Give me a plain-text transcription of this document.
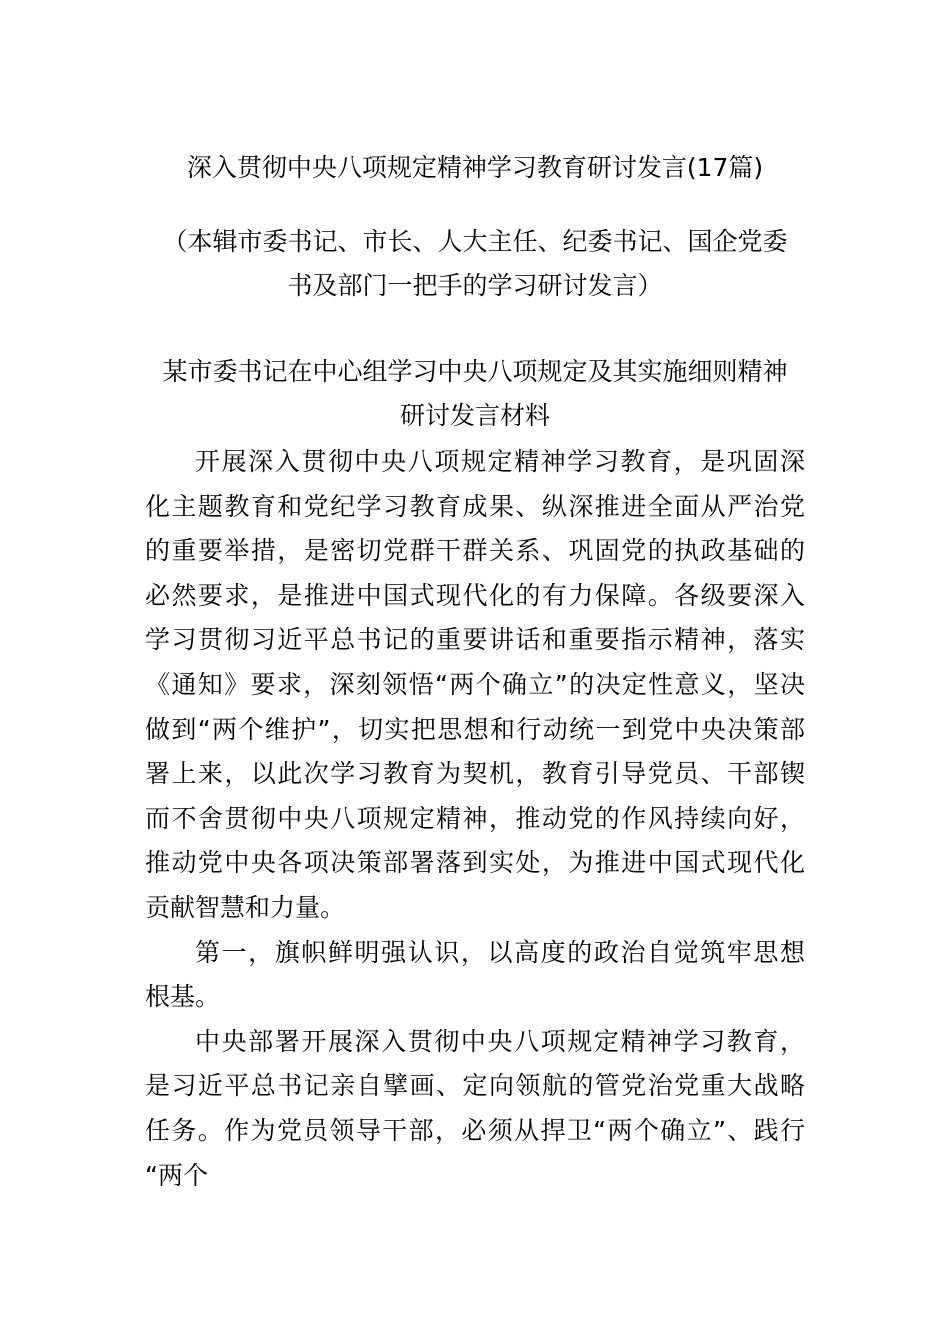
深入贯彻中央八项规定精神学习教育研讨发言(17篇)
（本辑市委书记、市长、人大主任、纪委书记、国企党委
书及部门一把手的学习研讨发言）
某市委书记在中心组学习中央八项规定及其实施细则精神
研讨发言材料
开展深入贯彻中央八项规定精神学习教育，是巩固深
化主题教育和党纪学习教育成果、纵深推进全面从严治党
的重要举措，是密切党群干群关系、巩固党的执政基础的
必然要求，是推进中国式现代化的有力保障。各级要深入
学习贯彻习近平总书记的重要讲话和重要指示精神，落实
《通知》要求，深刻领悟“两个确立”的决定性意义，坚决
做到“两个维护”，切实把思想和行动统一到党中央决策部
署上来，以此次学习教育为契机，教育引导党员、干部锲
而不舍贯彻中央八项规定精神，推动党的作风持续向好，
推动党中央各项决策部署落到实处，为推进中国式现代化
贡献智慧和力量。
第一，旗帜鲜明强认识，以高度的政治自觉筑牢思想
根基。
中央部署开展深入贯彻中央八项规定精神学习教育，
是习近平总书记亲自擘画、定向领航的管党治党重大战略
任务。作为党员领导干部，必须从捍卫“两个确立”、践行
“两个
